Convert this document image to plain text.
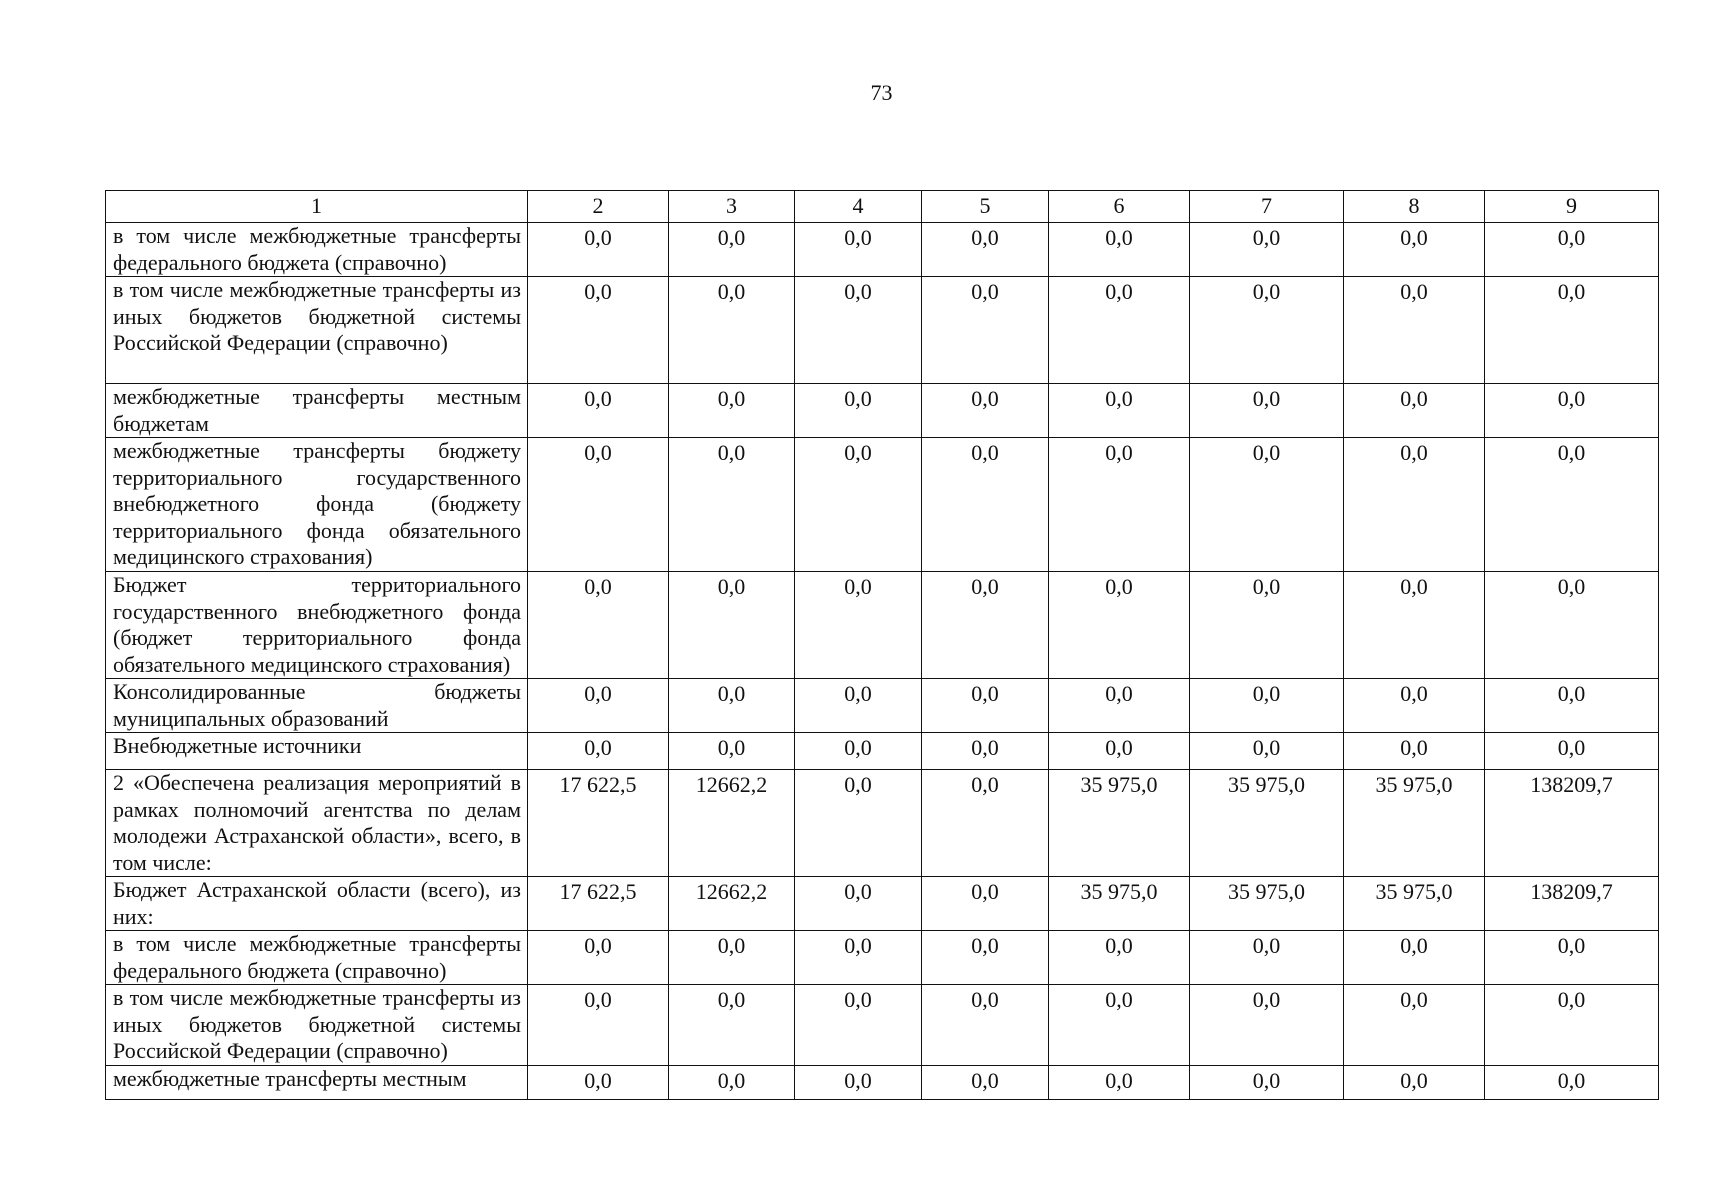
73
1	2	3	4	5	6	7	8	9
в том числе межбюджетные трансферты федерального бюджета (справочно)	0,0	0,0	0,0	0,0	0,0	0,0	0,0	0,0
в том числе межбюджетные трансферты из иных бюджетов бюджетной системы Российской Федерации (справочно)	0,0	0,0	0,0	0,0	0,0	0,0	0,0	0,0
межбюджетные трансферты местным бюджетам	0,0	0,0	0,0	0,0	0,0	0,0	0,0	0,0
межбюджетные трансферты бюджету территориального государственного внебюджетного фонда (бюджету территориального фонда обязательного медицинского страхования)	0,0	0,0	0,0	0,0	0,0	0,0	0,0	0,0
Бюджет территориального государственного внебюджетного фонда (бюджет территориального фонда обязательного медицинского страхования)	0,0	0,0	0,0	0,0	0,0	0,0	0,0	0,0
Консолидированные бюджеты муниципальных образований	0,0	0,0	0,0	0,0	0,0	0,0	0,0	0,0
Внебюджетные источники	0,0	0,0	0,0	0,0	0,0	0,0	0,0	0,0
2 «Обеспечена реализация мероприятий в рамках полномочий агентства по делам молодежи Астраханской области», всего, в том числе:	17 622,5	12662,2	0,0	0,0	35 975,0	35 975,0	35 975,0	138209,7
Бюджет Астраханской области (всего), из них:	17 622,5	12662,2	0,0	0,0	35 975,0	35 975,0	35 975,0	138209,7
в том числе межбюджетные трансферты федерального бюджета (справочно)	0,0	0,0	0,0	0,0	0,0	0,0	0,0	0,0
в том числе межбюджетные трансферты из иных бюджетов бюджетной системы Российской Федерации (справочно)	0,0	0,0	0,0	0,0	0,0	0,0	0,0	0,0
межбюджетные трансферты местным	0,0	0,0	0,0	0,0	0,0	0,0	0,0	0,0
